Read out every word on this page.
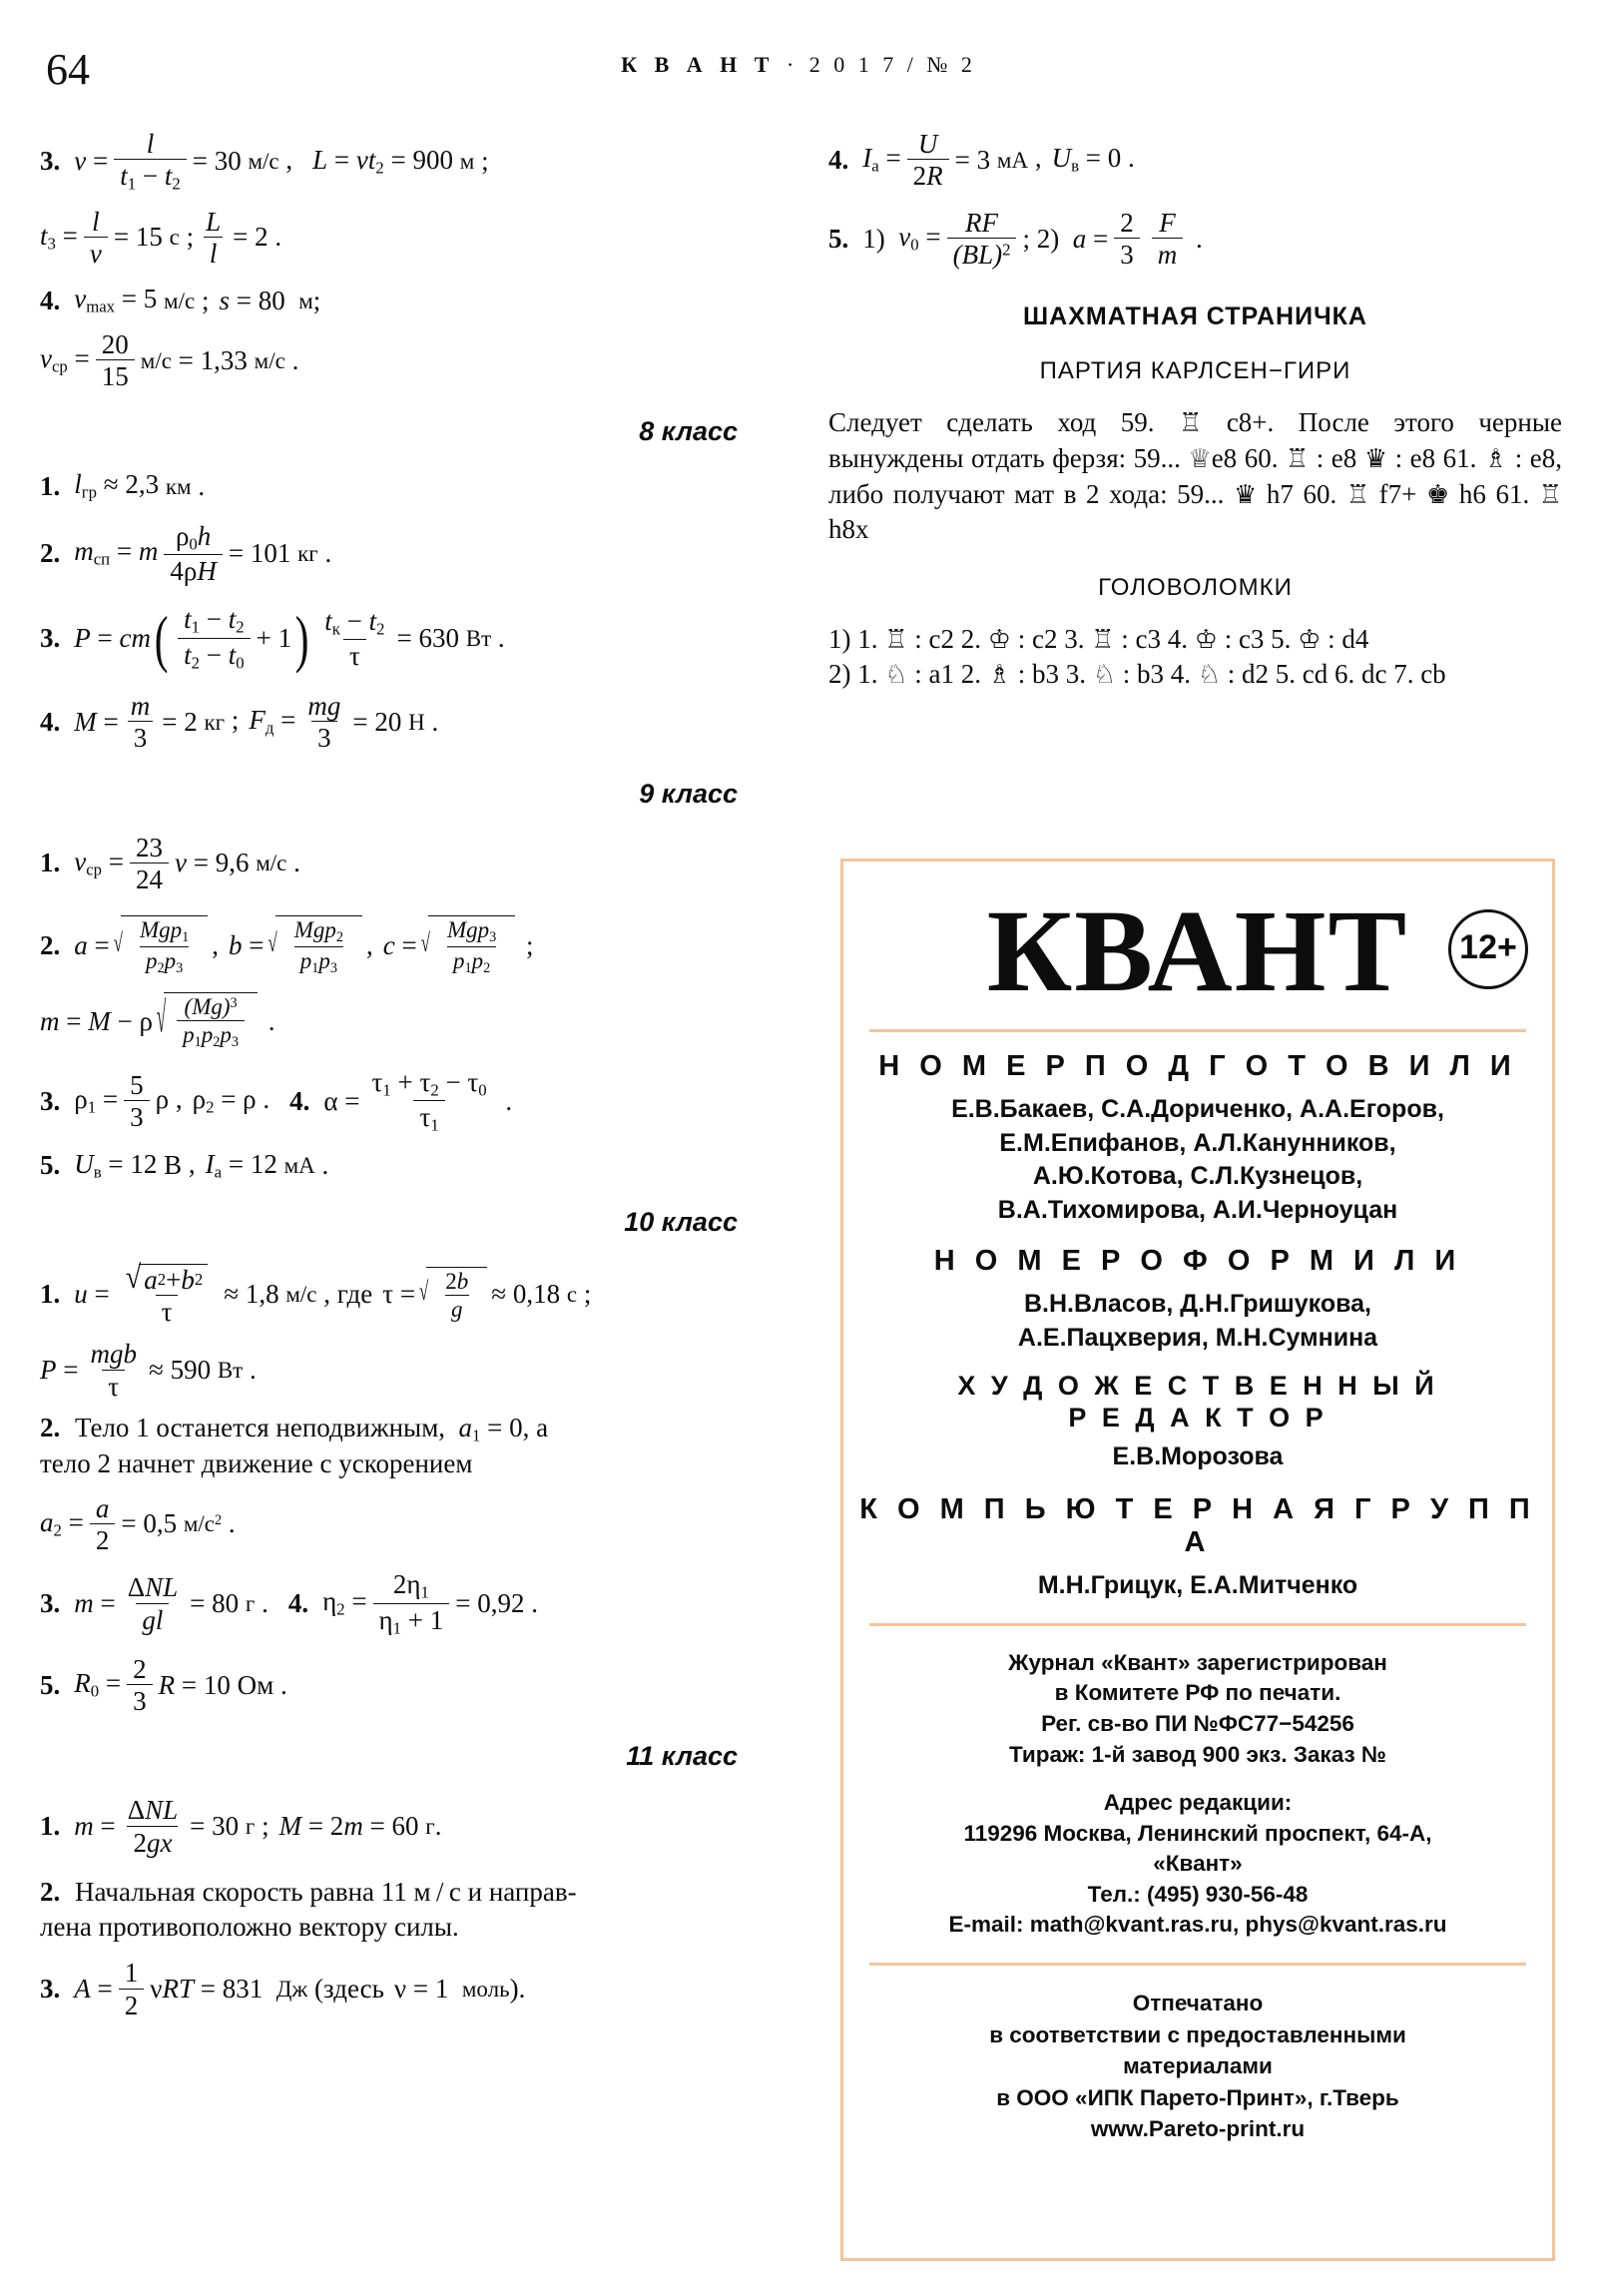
64	К В А Н Т · 2 0 1 7 / № 2
3. $v = \frac{l}{t_1 - t_2} = 30$ м/с , $L = vt_2 = 900$ м ;
$t_3 = \frac{l}{v} = 15$ с ; $\frac{L}{l} = 2$ .
4. $v_{max} = 5$ м/с ; s = 80 м ;
$v_{ср} = \frac{20}{15} м/с = 1,33$ м/с .
8 класс
1. $l_{гр} \approx 2,3$ км .
2. $m_{сп} = m \frac{\rho_0h}{4\rho H} = 101$ кг .
3. P = cm ( $\frac{t_1 - t_2}{t_2 - t_0} + 1$ ) $\frac{t_к - t_2}{\tau} = 630$ Вт .
4. $M = \frac{m}{3} = 2$ кг ; $F_д = \frac{mg}{3} = 20$ Н .
9 класс
1. $v_{ср} = \frac{23}{24}$ v = 9,6 м/с .
2. a = √ $\frac{Mgp_1}{p_2p_3}$ , b = √ $\frac{Mgp_2}{p_1p_3}$ , c = √ $\frac{Mgp_3}{p_1p_2}$ ;
m = M − ρ √ $\frac{(Mg)^3}{p_1p_2p_3}$ .
3. $\rho_1 = \frac{5}{3}$ ρ , $\rho_2 = \rho$ . 4. $\alpha = \frac{\tau_1 + \tau_2 - \tau_0}{\tau_1}$ .
5. $U_в = 12$ В , $I_а = 12$ мА .
10 класс
1. $u = \frac{√ a 2 + b 2}{\tau} \approx 1,8$ м/с , где τ = √ $\frac{2b}{g} \approx 0,18$ с ;
$P = \frac{\text{mgb}}{\tau} \approx 590$ Вт .
2. Тело 1 останется неподвижным, $a_1 = 0$, а
тело 2 начнет движение с ускорением
$a_2 = \frac{a}{2} = 0,5$ $м/с^2$ .
3. $m = \frac{\text{ΔNL}}{gl} = 80$ г . 4. $\eta_2 = \frac{2\eta_1}{\eta_1 + 1} = 0,92$ .
5. $R_0 = \frac{2}{3}$ R = 10 Ом .
11 класс
1. $m = \frac{\text{ΔNL}}{2gx} = 30$ г ; M = 2m = 60 г .
2. Начальная скорость равна 11 м / с и направ-
лена противоположно вектору силы.
3. $A = \frac{1}{2}$ νRT = 831 Дж (здесь ν = 1 моль ).
4. $I_а = \frac{U}{2R} = 3$ мА , $U_в = 0$ .
5. 1) $v_0 = \frac{RF}{(BL)^2}$ ; 2) $a = \frac{2}{3} \frac{F}{m}$ .
ШАХМАТНАЯ СТРАНИЧКА
ПАРТИЯ КАРЛСЕН−ГИРИ
Следует сделать ход 59. ♖ c8+. После этого черные вынуждены отдать ферзя: 59... ♕e8 60. ♖ : e8 ♛ : e8 61. ♗ : e8, либо получают мат в 2 хода: 59... ♛ h7 60. ♖ f7+ ♚ h6 61. ♖ h8x
ГОЛОВОЛОМКИ
1) 1. ♖ : c2 2. ♔ : c2 3. ♖ : c3 4. ♔ : c3 5. ♔ : d4
2) 1. ♘ : a1 2. ♗ : b3 3. ♘ : b3 4. ♘ : d2 5. cd 6. dc 7. cb
КВАНТ	12+
Н О М Е Р П О Д Г О Т О В И Л И
Е.В.Бакаев, С.А.Дориченко, А.А.Егоров,
Е.М.Епифанов, А.Л.Канунников,
А.Ю.Котова, С.Л.Кузнецов,
В.А.Тихомирова, А.И.Черноуцан
Н О М Е Р О Ф О Р М И Л И
В.Н.Власов, Д.Н.Гришукова,
А.Е.Пацхверия, М.Н.Сумнина
Х У Д О Ж Е С Т В Е Н Н Ы Й
Р Е Д А К Т О Р
Е.В.Морозова
К О М П Ь Ю Т Е Р Н А Я Г Р У П П А
М.Н.Грицук, Е.А.Митченко
Журнал «Квант» зарегистрирован
в Комитете РФ по печати.
Рег. св-во ПИ №ФС77−54256
Тираж: 1-й завод 900 экз. Заказ №
Адрес редакции:
119296 Москва, Ленинский проспект, 64-А,
«Квант»
Тел.: (495) 930-56-48
E-mail: math@kvant.ras.ru, phys@kvant.ras.ru
Отпечатано
в соответствии с предоставленными
материалами
в ООО «ИПК Парето-Принт», г.Тверь
www.Pareto-print.ru
